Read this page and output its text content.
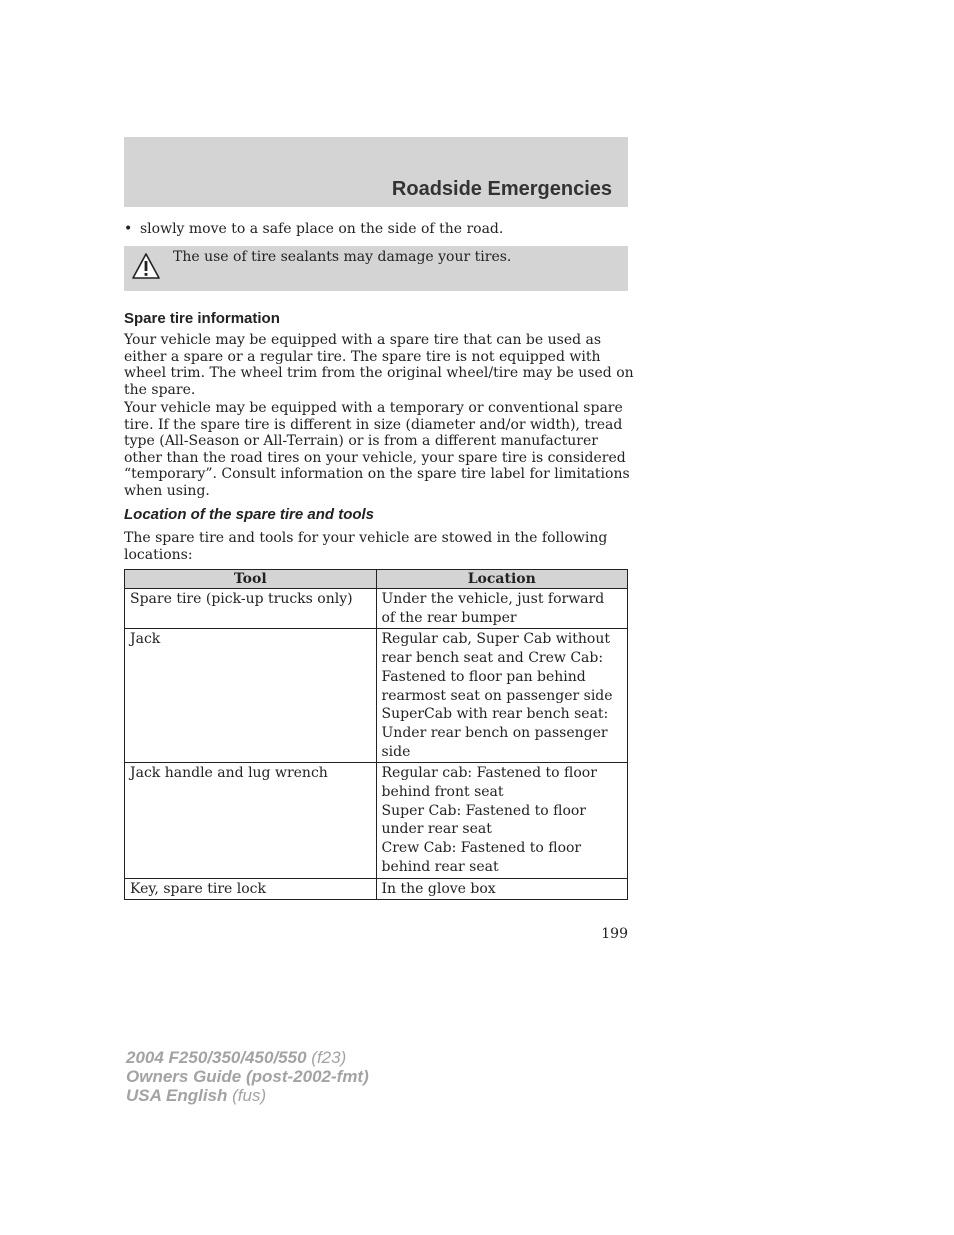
Roadside Emergencies
• slowly move to a safe place on the side of the road.
The use of tire sealants may damage your tires.
Spare tire information
Your vehicle may be equipped with a spare tire that can be used as either a spare or a regular tire. The spare tire is not equipped with wheel trim. The wheel trim from the original wheel/tire may be used on the spare.
Your vehicle may be equipped with a temporary or conventional spare tire. If the spare tire is different in size (diameter and/or width), tread type (All-Season or All-Terrain) or is from a different manufacturer other than the road tires on your vehicle, your spare tire is considered “temporary”. Consult information on the spare tire label for limitations when using.
Location of the spare tire and tools
The spare tire and tools for your vehicle are stowed in the following locations:
Tool	Location
Spare tire (pick-up trucks only)	Under the vehicle, just forward of the rear bumper

Jack	Regular cab, Super Cab without rear bench seat and Crew Cab: Fastened to floor pan behind rearmost seat on passenger side
SuperCab with rear bench seat: Under rear bench on passenger side

Jack handle and lug wrench	Regular cab: Fastened to floor behind front seat
Super Cab: Fastened to floor under rear seat
Crew Cab: Fastened to floor behind rear seat

Key, spare tire lock	In the glove box
199
2004 F250/350/450/550 (f23)
Owners Guide (post-2002-fmt)
USA English (fus)
